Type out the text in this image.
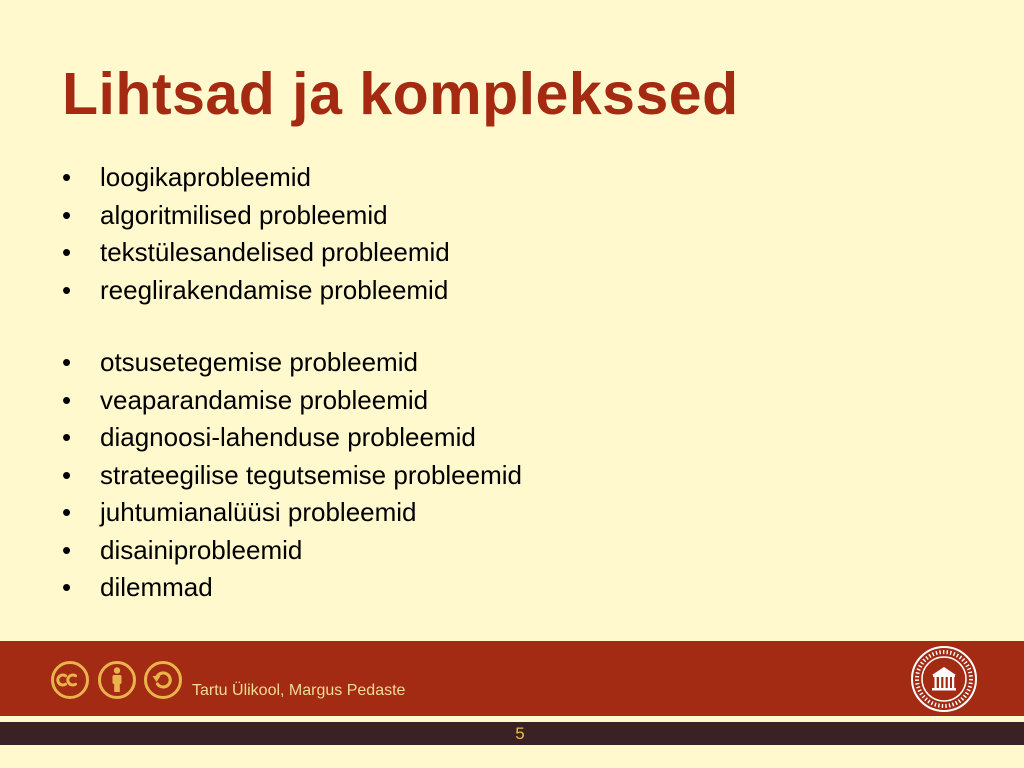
Lihtsad ja komplekssed
•	loogikaprobleemid
•	algoritmilised probleemid
•	tekstülesandelised probleemid
•	reeglirakendamise probleemid
•	otsusetegemise probleemid
•	veaparandamise probleemid
•	diagnoosi-lahenduse probleemid
•	strateegilise tegutsemise probleemid
•	juhtumianalüüsi probleemid
•	disainiprobleemid
•	dilemmad
Tartu Ülikool, Margus Pedaste
5
